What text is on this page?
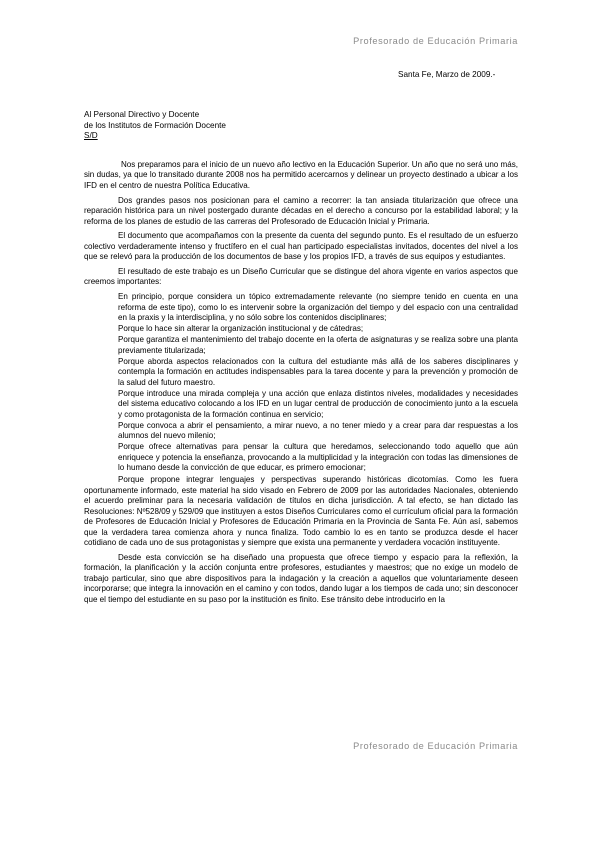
Profesorado de Educación Primaria
Santa Fe, Marzo de 2009.-
Al Personal Directivo y Docente
de los Institutos de Formación Docente
S/D

Nos preparamos para el inicio de un nuevo año lectivo en la Educación Superior. Un año que no será uno más, sin dudas, ya que lo transitado durante 2008 nos ha permitido acercarnos y delinear un proyecto destinado a ubicar a los IFD en el centro de nuestra Política Educativa.

Dos grandes pasos nos posicionan para el camino a recorrer: la tan ansiada titularización que ofrece una reparación histórica para un nivel postergado durante décadas en el derecho a concurso por la estabilidad laboral; y la reforma de los planes de estudio de las carreras del Profesorado de Educación Inicial y Primaria.

El documento que acompañamos con la presente da cuenta del segundo punto. Es el resultado de un esfuerzo colectivo verdaderamente intenso y fructífero en el cual han participado especialistas invitados, docentes del nivel a los que se relevó para la producción de los documentos de base y los propios IFD, a través de sus equipos y estudiantes.

El resultado de este trabajo es un Diseño Curricular que se distingue del ahora vigente en varios aspectos que creemos importantes:

En principio, porque considera un tópico extremadamente relevante (no siempre tenido en cuenta en una reforma de este tipo), como lo es intervenir sobre la organización del tiempo y del espacio con una centralidad en la praxis y la interdisciplina, y no sólo sobre los contenidos disciplinares;

Porque lo hace sin alterar la organización institucional y de cátedras;

Porque garantiza el mantenimiento del trabajo docente en la oferta de asignaturas y se realiza sobre una planta previamente titularizada;

Porque aborda aspectos relacionados con la cultura del estudiante más allá de los saberes disciplinares y contempla la formación en actitudes indispensables para la tarea docente y para la prevención y promoción de la salud del futuro maestro.

Porque introduce una mirada compleja y una acción que enlaza distintos niveles, modalidades y necesidades del sistema educativo colocando a los IFD en un lugar central de producción de conocimiento junto a la escuela y como protagonista de la formación continua en servicio;

Porque convoca a abrir el pensamiento, a mirar nuevo, a no tener miedo y a crear para dar respuestas a los alumnos del nuevo milenio;

Porque ofrece alternativas para pensar la cultura que heredamos, seleccionando todo aquello que aún enriquece y potencia la enseñanza, provocando a la multiplicidad y la integración con todas las dimensiones de lo humano desde la convicción de que educar, es primero emocionar;

Porque propone integrar lenguajes y perspectivas superando históricas dicotomías. Como les fuera oportunamente informado, este material ha sido visado en Febrero de 2009 por las autoridades Nacionales, obteniendo el acuerdo preliminar para la necesaria validación de títulos en dicha jurisdicción. A tal efecto, se han dictado las Resoluciones: Nº528/09 y 529/09 que instituyen a estos Diseños Curriculares como el currículum oficial para la formación de Profesores de Educación Inicial y Profesores de Educación Primaria en la Provincia de Santa Fe. Aún así, sabemos que la verdadera tarea comienza ahora y nunca finaliza. Todo cambio lo es en tanto se produzca desde el hacer cotidiano de cada uno de sus protagonistas y siempre que exista una permanente y verdadera vocación instituyente.

Desde esta convicción se ha diseñado una propuesta que ofrece tiempo y espacio para la reflexión, la formación, la planificación y la acción conjunta entre profesores, estudiantes y maestros; que no exige un modelo de trabajo particular, sino que abre dispositivos para la indagación y la creación a aquellos que voluntariamente deseen incorporarse; que integra la innovación en el camino y con todos, dando lugar a los tiempos de cada uno; sin desconocer que el tiempo del estudiante en su paso por la institución es finito. Ese tránsito debe introducirlo en la

Profesorado de Educación Primaria
